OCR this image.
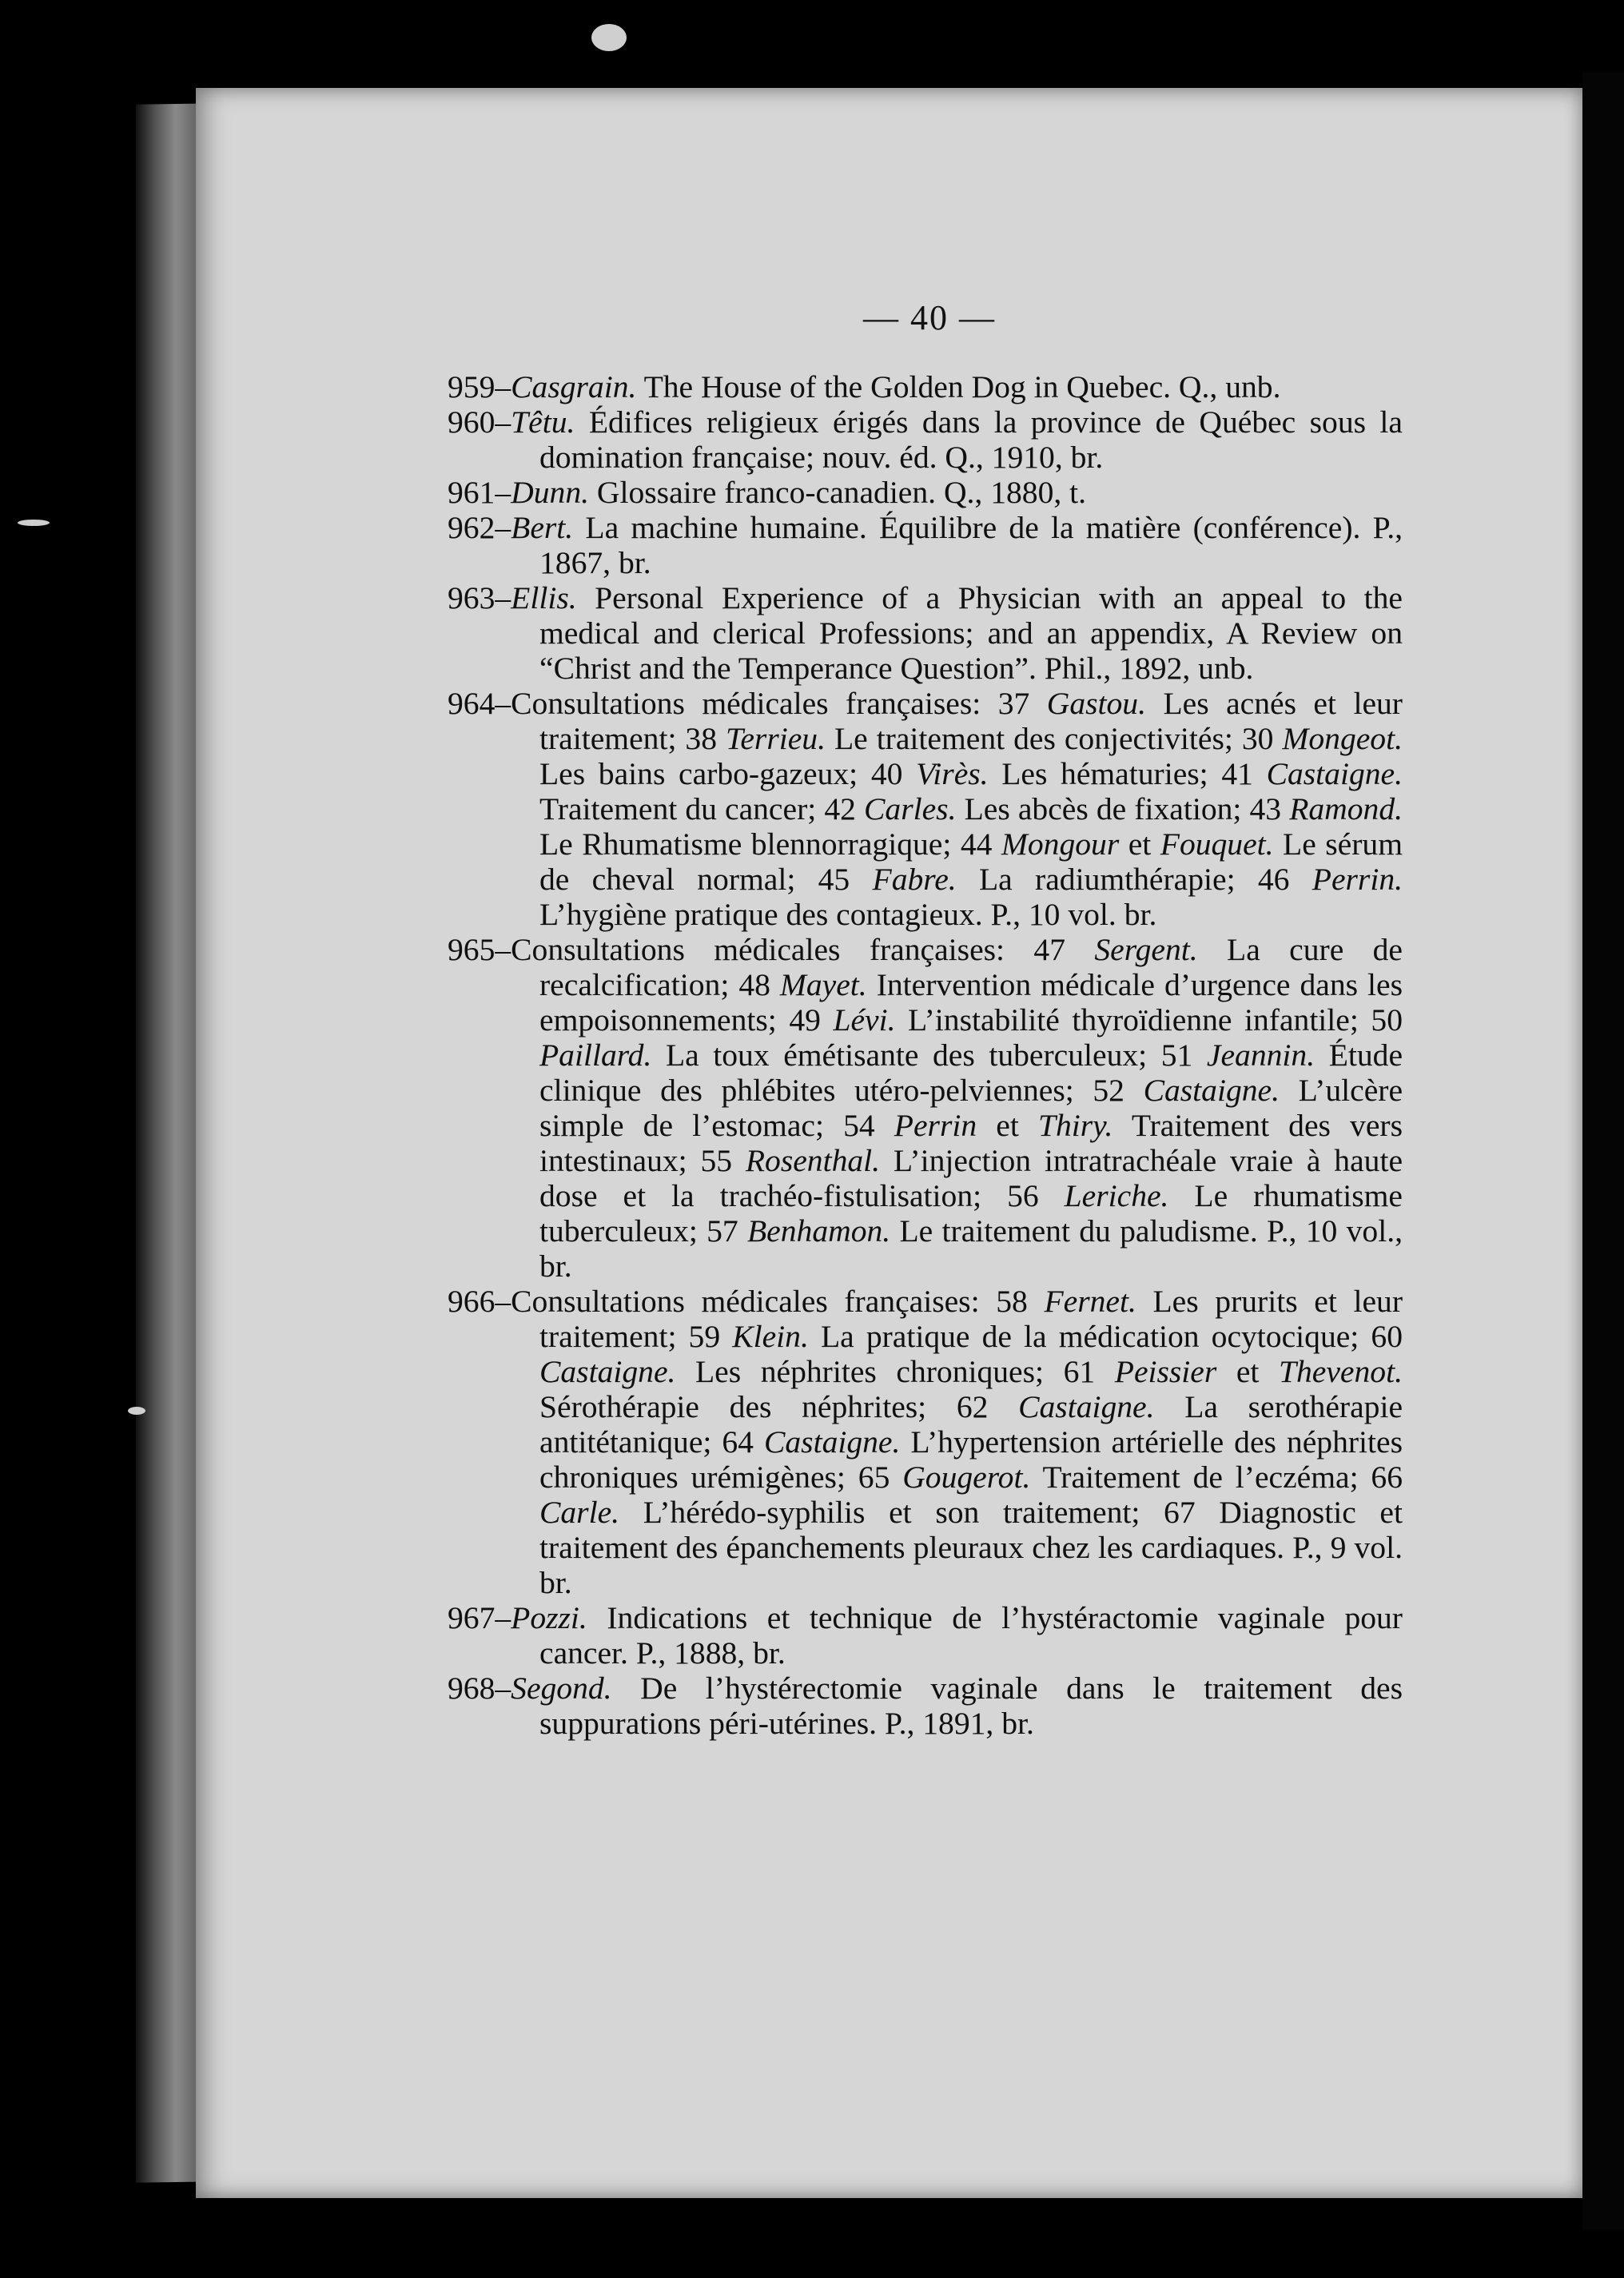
— 40 —
959–Casgrain. The House of the Golden Dog in Quebec. Q., unb.
960–Têtu. Édifices religieux érigés dans la province de Québec sous la domination française; nouv. éd. Q., 1910, br.
961–Dunn. Glossaire franco-canadien. Q., 1880, t.
962–Bert. La machine humaine. Équilibre de la matière (conférence). P., 1867, br.
963–Ellis. Personal Experience of a Physician with an appeal to the medical and clerical Professions; and an appendix, A Review on “Christ and the Temperance Question”. Phil., 1892, unb.
964–Consultations médicales françaises: 37 Gastou. Les acnés et leur traitement; 38 Terrieu. Le traitement des conjectivités; 30 Mongeot. Les bains carbo-gazeux; 40 Virès. Les hématuries; 41 Castaigne. Traitement du cancer; 42 Carles. Les abcès de fixation; 43 Ramond. Le Rhumatisme blennorragique; 44 Mongour et Fouquet. Le sérum de cheval normal; 45 Fabre. La radiumthérapie; 46 Perrin. L’hygiène pratique des contagieux. P., 10 vol. br.
965–Consultations médicales françaises: 47 Sergent. La cure de recalcification; 48 Mayet. Intervention médicale d’urgence dans les empoisonnements; 49 Lévi. L’instabilité thyroïdienne infantile; 50 Paillard. La toux émétisante des tuberculeux; 51 Jeannin. Étude clinique des phlébites utéro-pelviennes; 52 Castaigne. L’ulcère simple de l’estomac; 54 Perrin et Thiry. Traitement des vers intestinaux; 55 Rosenthal. L’injection intratrachéale vraie à haute dose et la trachéo-fistulisation; 56 Leriche. Le rhumatisme tuberculeux; 57 Benhamon. Le traitement du paludisme. P., 10 vol., br.
966–Consultations médicales françaises: 58 Fernet. Les prurits et leur traitement; 59 Klein. La pratique de la médication ocytocique; 60 Castaigne. Les néphrites chroniques; 61 Peissier et Thevenot. Sérothérapie des néphrites; 62 Castaigne. La serothérapie antitétanique; 64 Castaigne. L’hypertension artérielle des néphrites chroniques urémigènes; 65 Gougerot. Traitement de l’eczéma; 66 Carle. L’hérédo-syphilis et son traitement; 67 Diagnostic et traitement des épanchements pleuraux chez les cardiaques. P., 9 vol. br.
967–Pozzi. Indications et technique de l’hystéractomie vaginale pour cancer. P., 1888, br.
968–Segond. De l’hystérectomie vaginale dans le traitement des suppurations péri-utérines. P., 1891, br.
